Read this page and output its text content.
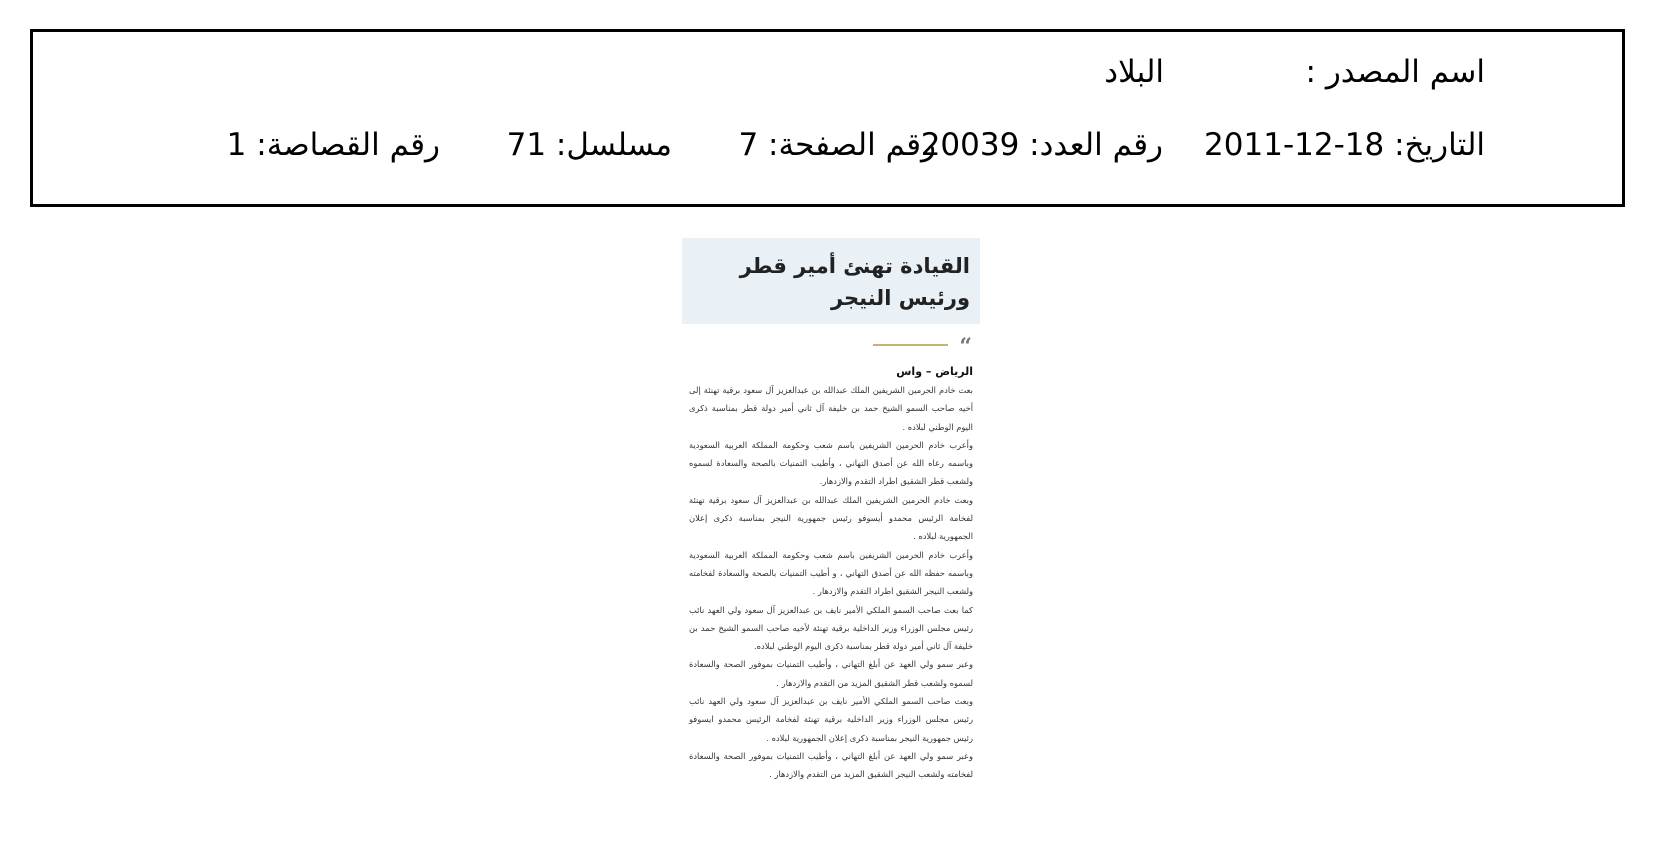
اسم المصدر :
البلاد
التاريخ: 18-12-2011
رقم العدد: 20039
رقم الصفحة: 7
مسلسل: 71
رقم القصاصة: 1
القيادة تهنئ أمير قطر ورئيس النيجر
“
الرياض – واس

بعث خادم الحرمين الشريفين الملك عبدالله بن عبدالعزيز آل سعود برقية تهنئة إلى أخيه صاحب السمو الشيخ حمد بن خليفة آل ثاني أمير دولة قطر بمناسبة ذكرى اليوم الوطني لبلاده .

وأعرب خادم الحرمين الشريفين باسم شعب وحكومة المملكة العربية السعودية وباسمه رعاه الله عن أصدق التهاني ، وأطيب التمنيات بالصحة والسعادة لسموه ولشعب قطر الشقيق اطراد التقدم والازدهار.

وبعث خادم الحرمين الشريفين الملك عبدالله بن عبدالعزيز آل سعود برقية تهنئة لفخامة الرئيس محمدو أيسوفو رئيس جمهورية النيجر بمناسبة ذكرى إعلان الجمهورية لبلاده .

وأعرب خادم الحرمين الشريفين باسم شعب وحكومة المملكة العربية السعودية وباسمه حفظه الله عن أصدق التهاني ، و أطيب التمنيات بالصحة والسعادة لفخامته ولشعب النيجر الشقيق اطراد التقدم والازدهار .

كما بعث صاحب السمو الملكي الأمير نايف بن عبدالعزيز آل سعود ولي العهد نائب رئيس مجلس الوزراء وزير الداخلية برقية تهنئة لأخيه صاحب السمو الشيخ حمد بن خليفة آل ثاني أمير دولة قطر بمناسبة ذكرى اليوم الوطني لبلاده.

وعبر سمو ولي العهد عن أبلغ التهاني ، وأطيب التمنيات بموفور الصحة والسعادة لسموه ولشعب قطر الشقيق المزيد من التقدم والازدهار .

وبعث صاحب السمو الملكي الأمير نايف بن عبدالعزيز آل سعود ولي العهد نائب رئيس مجلس الوزراء وزير الداخلية برقية تهنئة لفخامة الرئيس محمدو ايسوفو رئيس جمهورية النيجر بمناسبة ذكرى إعلان الجمهورية لبلاده .

وعبر سمو ولي العهد عن أبلغ التهاني ، وأطيب التمنيات بموفور الصحة والسعادة لفخامته ولشعب النيجر الشقيق المزيد من التقدم والازدهار .
